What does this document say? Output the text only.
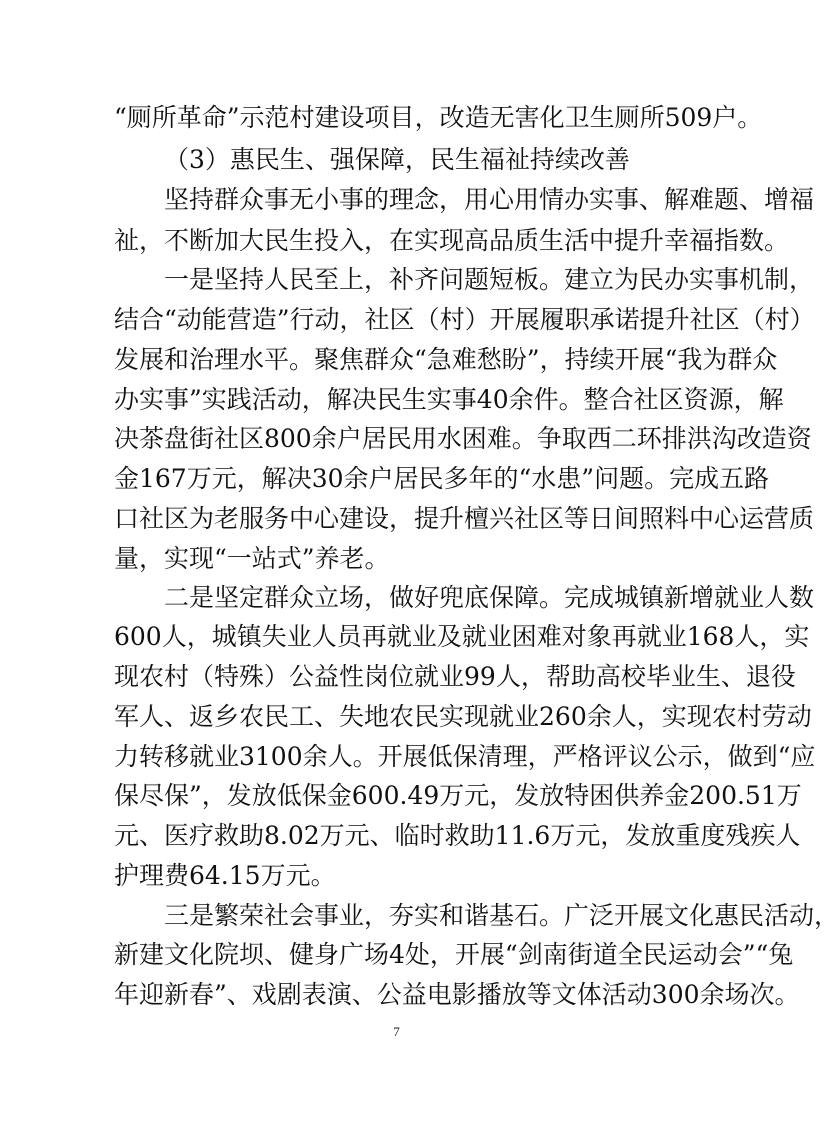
“厕所革命”示范村建设项目，改造无害化卫生厕所509户。
（3）惠民生、强保障，民生福祉持续改善
坚持群众事无小事的理念，用心用情办实事、解难题、增福
祉，不断加大民生投入，在实现高品质生活中提升幸福指数。
一是坚持人民至上，补齐问题短板。建立为民办实事机制，
结合“动能营造”行动，社区（村）开展履职承诺提升社区（村）
发展和治理水平。聚焦群众“急难愁盼”，持续开展“我为群众
办实事”实践活动，解决民生实事40余件。整合社区资源，解
决茶盘街社区800余户居民用水困难。争取西二环排洪沟改造资
金167万元，解决30余户居民多年的“水患”问题。完成五路
口社区为老服务中心建设，提升檀兴社区等日间照料中心运营质
量，实现“一站式”养老。
二是坚定群众立场，做好兜底保障。完成城镇新增就业人数
600人，城镇失业人员再就业及就业困难对象再就业168人，实
现农村（特殊）公益性岗位就业99人，帮助高校毕业生、退役
军人、返乡农民工、失地农民实现就业260余人，实现农村劳动
力转移就业3100余人。开展低保清理，严格评议公示，做到“应
保尽保”，发放低保金600.49万元，发放特困供养金200.51万
元、医疗救助8.02万元、临时救助11.6万元，发放重度残疾人
护理费64.15万元。
三是繁荣社会事业，夯实和谐基石。广泛开展文化惠民活动，
新建文化院坝、健身广场4处，开展“剑南街道全民运动会”“兔
年迎新春”、戏剧表演、公益电影播放等文体活动300余场次。
7
